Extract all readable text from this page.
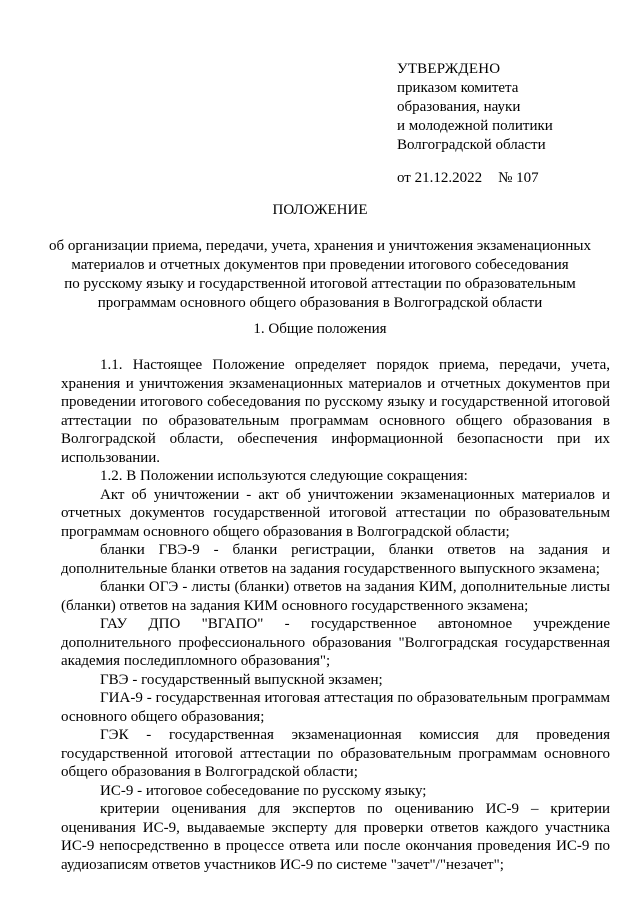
УТВЕРЖДЕНО
приказом комитета
образования, науки
и молодежной политики
Волгоградской области
от 21.12.2022 № 107
ПОЛОЖЕНИЕ
об организации приема, передачи, учета, хранения и уничтожения экзаменационных
материалов и отчетных документов при проведении итогового собеседования
по русскому языку и государственной итоговой аттестации по образовательным
программам основного общего образования в Волгоградской области
1. Общие положения

1.1. Настоящее Положение определяет порядок приема, передачи, учета, хранения и уничтожения экзаменационных материалов и отчетных документов при проведении итогового собеседования по русскому языку и государственной итоговой аттестации по образовательным программам основного общего образования в Волгоградской области, обеспечения информационной безопасности при их использовании.

1.2. В Положении используются следующие сокращения:

Акт об уничтожении - акт об уничтожении экзаменационных материалов и отчетных документов государственной итоговой аттестации по образовательным программам основного общего образования в Волгоградской области;

бланки ГВЭ-9 - бланки регистрации, бланки ответов на задания и дополнительные бланки ответов на задания государственного выпускного экзамена;

бланки ОГЭ - листы (бланки) ответов на задания КИМ, дополнительные листы (бланки) ответов на задания КИМ основного государственного экзамена;

ГАУ ДПО "ВГАПО" - государственное автономное учреждение дополнительного профессионального образования "Волгоградская государственная академия последипломного образования";

ГВЭ - государственный выпускной экзамен;

ГИА-9 - государственная итоговая аттестация по образовательным программам основного общего образования;

ГЭК - государственная экзаменационная комиссия для проведения государственной итоговой аттестации по образовательным программам основного общего образования в Волгоградской области;

ИС-9 - итоговое собеседование по русскому языку;

критерии оценивания для экспертов по оцениванию ИС-9 – критерии оценивания ИС-9, выдаваемые эксперту для проверки ответов каждого участника ИС-9 непосредственно в процессе ответа или после окончания проведения ИС-9 по аудиозаписям ответов участников ИС-9 по системе "зачет"/"незачет";
